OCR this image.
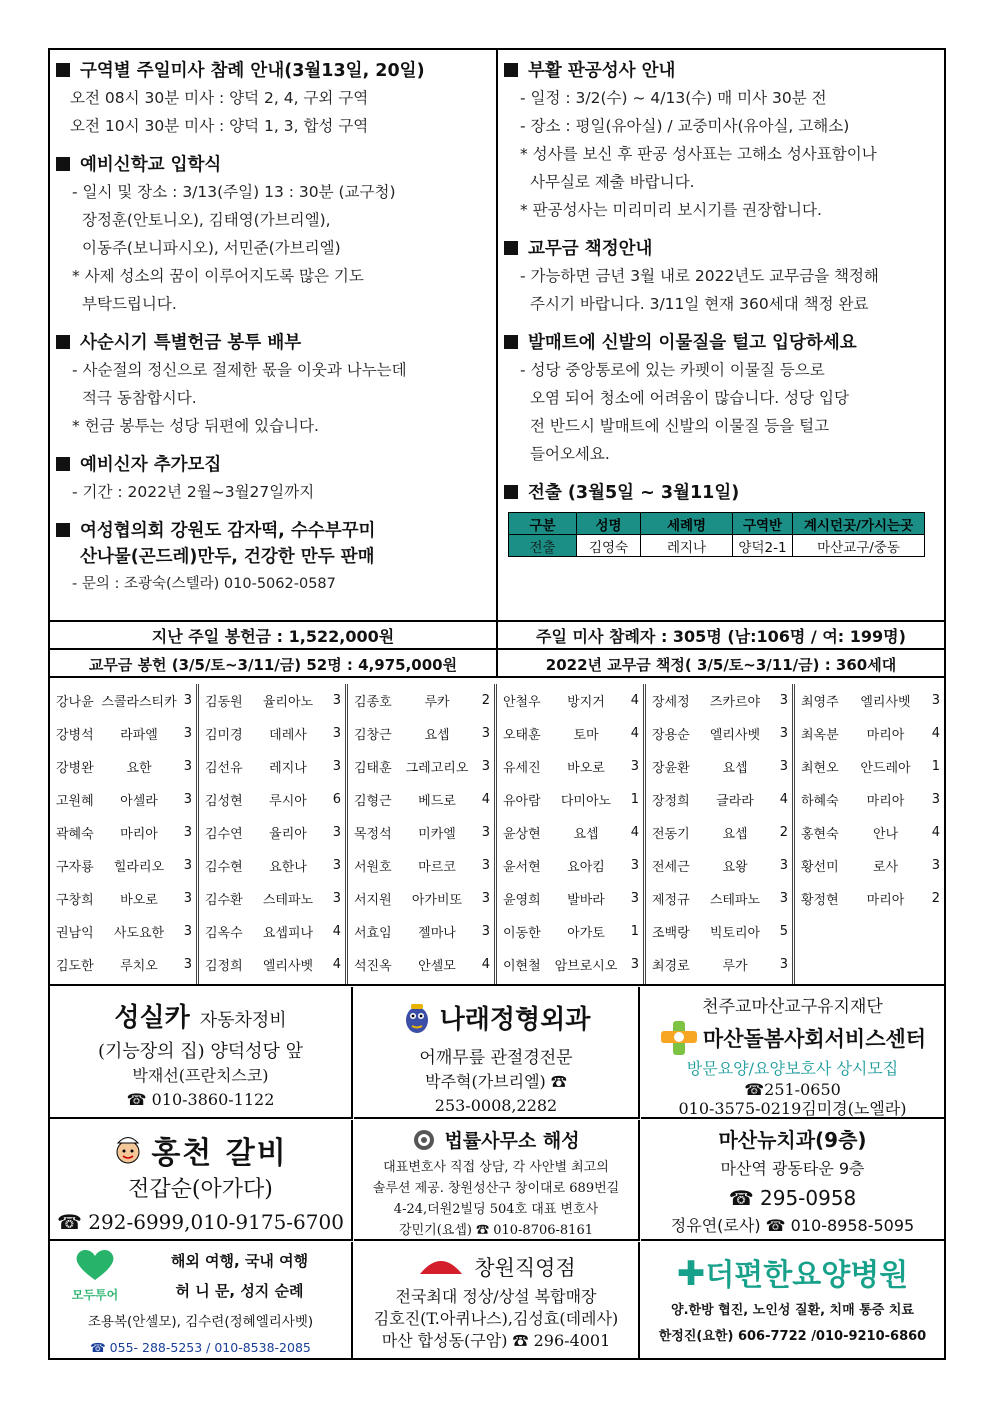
구역별 주일미사 참례 안내(3월13일, 20일)
오전 08시 30분 미사 : 양덕 2, 4, 구외 구역
오전 10시 30분 미사 : 양덕 1, 3, 합성 구역
예비신학교 입학식
- 일시 및 장소 : 3/13(주일) 13 : 30분 (교구청)
장정훈(안토니오), 김태영(가브리엘),
이동주(보니파시오), 서민준(가브리엘)
* 사제 성소의 꿈이 이루어지도록 많은 기도
부탁드립니다.
사순시기 특별헌금 봉투 배부
- 사순절의 정신으로 절제한 몫을 이웃과 나누는데
적극 동참합시다.
* 헌금 봉투는 성당 뒤편에 있습니다.
예비신자 추가모집
- 기간 : 2022년 2월~3월27일까지
여성협의회 강원도 감자떡, 수수부꾸미
산나물(곤드레)만두, 건강한 만두 판매
- 문의 : 조광숙(스텔라) 010-5062-0587
부활 판공성사 안내
- 일정 : 3/2(수) ~ 4/13(수) 매 미사 30분 전
- 장소 : 평일(유아실) / 교중미사(유아실, 고해소)
* 성사를 보신 후 판공 성사표는 고해소 성사표함이나
사무실로 제출 바랍니다.
* 판공성사는 미리미리 보시기를 권장합니다.
교무금 책정안내
- 가능하면 금년 3월 내로 2022년도 교무금을 책정해
주시기 바랍니다. 3/11일 현재 360세대 책정 완료
발매트에 신발의 이물질을 털고 입당하세요
- 성당 중앙통로에 있는 카펫이 이물질 등으로
오염 되어 청소에 어려움이 많습니다. 성당 입당
전 반드시 발매트에 신발의 이물질 등을 털고
들어오세요.
전출 (3월5일 ~ 3월11일)
구분	성명	세례명	구역반	계시던곳/가시는곳
전출	김영숙	레지나	양덕2-1	마산교구/중동
지난 주일 봉헌금 : 1,522,000원	주일 미사 참례자 : 305명 (남:106명 / 여: 199명)
교무금 봉헌 (3/5/토~3/11/금) 52명 : 4,975,000원	2022년 교무금 책정( 3/5/토~3/11/금) : 360세대
강나윤 스콜라스티카 3
강병석	라파엘	3
강병완	요한	3
고원혜	아셀라	3
곽혜숙	마리아	3
구자룡	힐라리오	3
구창희	바오로	3
권남익	사도요한	3
김도한	루치오	3
김동원	율리아노	3
김미경	데레사	3
김선유	레지나	3
김성현	루시아	6
김수연	율리아	3
김수현	요한나	3
김수환	스테파노	3
김옥수	요셉피나	4
김정희	엘리사벳	4
김종호	루카	2
김창근	요셉	3
김태훈	그레고리오	3
김형근	베드로	4
목정석	미카엘	3
서원호	마르코	3
서지원	아가비또	3
서효임	젤마나	3
석진옥	안셀모	4
안철우	방지거	4
오태훈	토마	4
유세진	바오로	3
유아람	다미아노	1
윤상현	요셉	4
윤서현	요아킴	3
윤영희	발바라	3
이동한	아가토	1
이현철	암브로시오	3
장세정	즈카르야	3
장용순	엘리사벳	3
장윤환	요셉	3
장정희	글라라	4
전동기	요셉	2
전세근	요왕	3
제정규	스테파노	3
조백랑	빅토리아	5
최경로	루가	3
최영주	엘리사벳	3
최옥분	마리아	4
최현오	안드레아	1
하혜숙	마리아	3
홍현숙	안나	4
황선미	로사	3
황정현	마리아	2
성실카 자동차정비
(기능장의 집) 양덕성당 앞
박재선(프란치스코)
☎ 010-3860-1122
나래정형외과
어깨무릎 관절경전문
박주혁(가브리엘) ☎
253-0008,2282
천주교마산교구유지재단
마산돌봄사회서비스센터
방문요양/요양보호사 상시모집
☎251-0650
010-3575-0219김미경(노엘라)
홍천 갈비
전갑순(아가다)
☎ 292-6999,010-9175-6700
법률사무소 해성
대표변호사 직접 상담, 각 사안별 최고의
솔루션 제공. 창원성산구 창이대로 689번길
4-24,더원2빌딩 504호 대표 변호사
강민기(요셉) ☎ 010-8706-8161
마산뉴치과(9층)
마산역 광동타운 9층
☎ 295-0958
정유연(로사) ☎ 010-8958-5095
모두투어
해외 여행, 국내 여행
허 니 문, 성지 순례
조용복(안셀모), 김수련(정혜엘리사벳)
☎ 055- 288-5253 / 010-8538-2085
창원직영점
전국최대 정상/상설 복합매장
김호진(T.아퀴나스),김성효(데레사)
마산 합성동(구암) ☎ 296-4001
✚더편한요양병원
양.한방 협진, 노인성 질환, 치매 통증 치료
한정진(요한) 606-7722 /010-9210-6860
